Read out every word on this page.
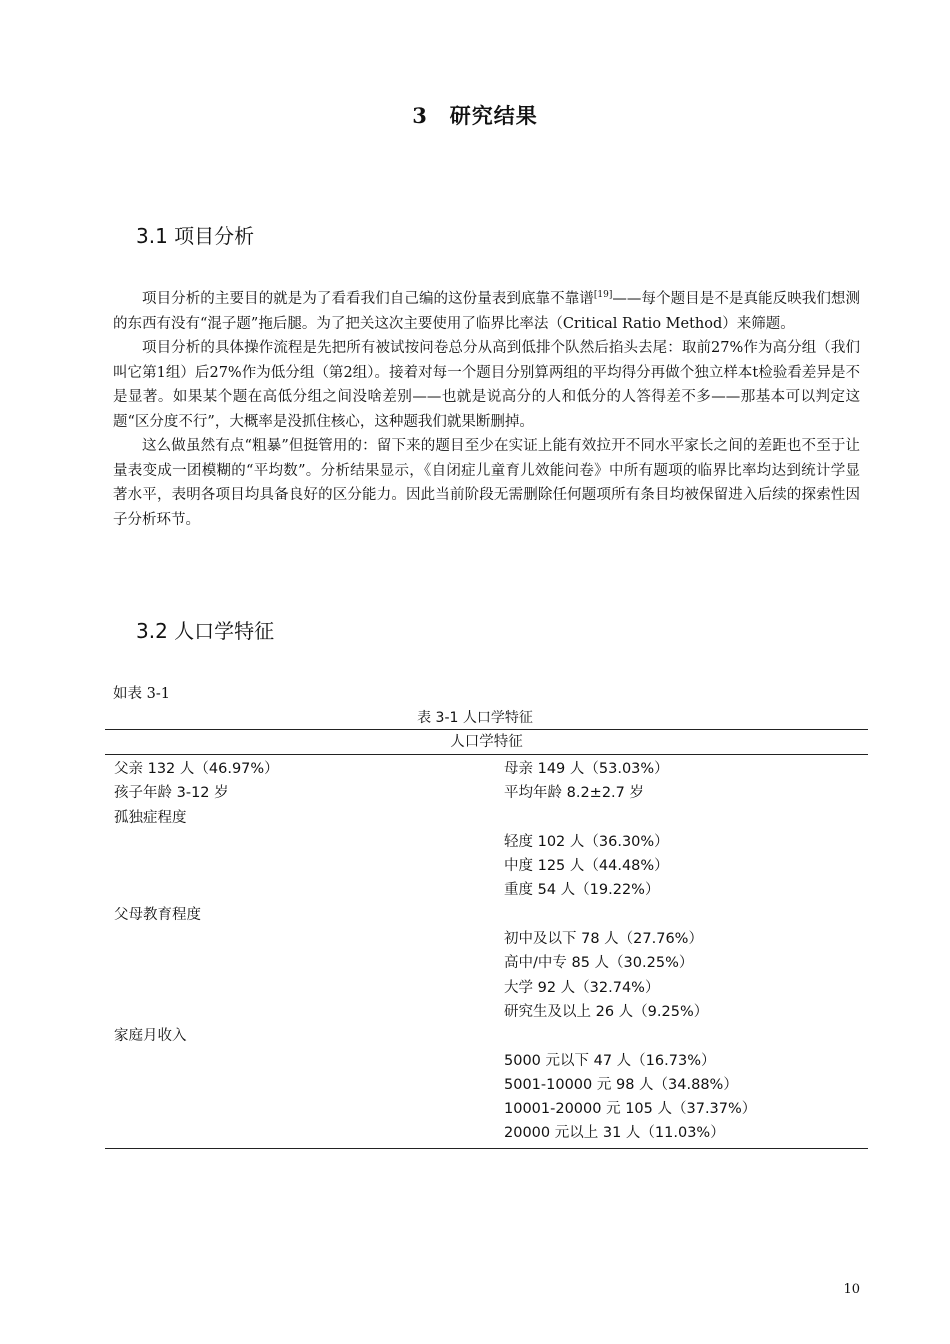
3　研究结果
3.1 项目分析

项目分析的主要目的就是为了看看我们自己编的这份量表到底靠不靠谱[19]——每个题目是不是真能反映我们想测的东西有没有“混子题”拖后腿。为了把关这次主要使用了临界比率法（Critical Ratio Method）来筛题。

项目分析的具体操作流程是先把所有被试按问卷总分从高到低排个队然后掐头去尾：取前27%作为高分组（我们叫它第1组）后27%作为低分组（第2组）。接着对每一个题目分别算两组的平均得分再做个独立样本t检验看差异是不是显著。如果某个题在高低分组之间没啥差别——也就是说高分的人和低分的人答得差不多——那基本可以判定这题“区分度不行”，大概率是没抓住核心，这种题我们就果断删掉。

这么做虽然有点“粗暴”但挺管用的：留下来的题目至少在实证上能有效拉开不同水平家长之间的差距也不至于让量表变成一团模糊的“平均数”。分析结果显示，《自闭症儿童育儿效能问卷》中所有题项的临界比率均达到统计学显著水平，表明各项目均具备良好的区分能力。因此当前阶段无需删除任何题项所有条目均被保留进入后续的探索性因子分析环节。

3.2 人口学特征
如表 3-1
表 3-1 人口学特征
人口学特征
父亲 132 人（46.97%）	母亲 149 人（53.03%）
孩子年龄 3-12 岁	平均年龄 8.2±2.7 岁
孤独症程度
轻度 102 人（36.30%）
中度 125 人（44.48%）
重度 54 人（19.22%）
父母教育程度
初中及以下 78 人（27.76%）
高中/中专 85 人（30.25%）
大学 92 人（32.74%）
研究生及以上 26 人（9.25%）
家庭月收入
5000 元以下 47 人（16.73%）
5001-10000 元 98 人（34.88%）
10001-20000 元 105 人（37.37%）
20000 元以上 31 人（11.03%）
10
